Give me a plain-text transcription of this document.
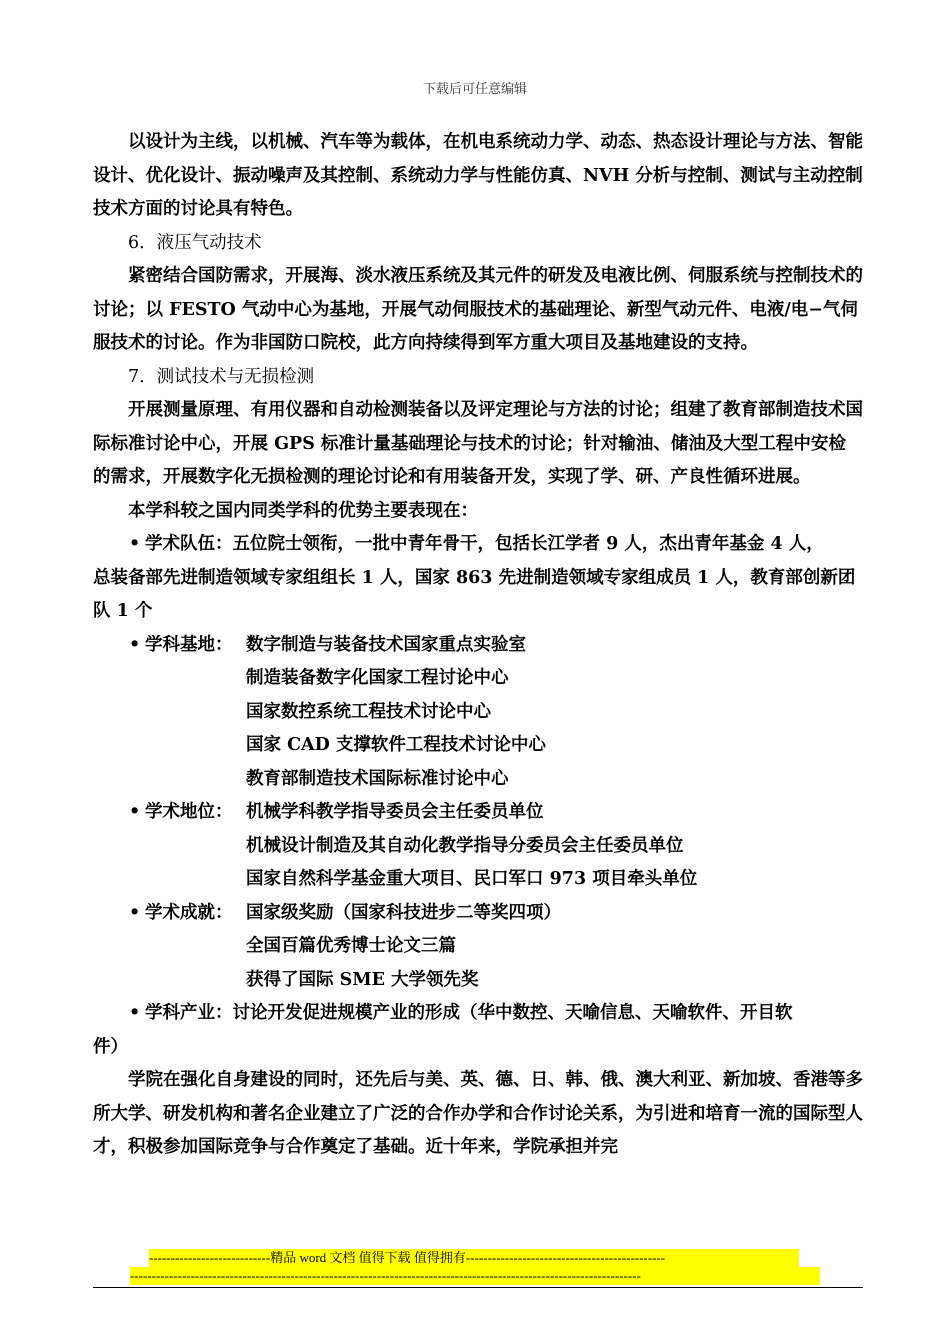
下载后可任意编辑

以设计为主线，以机械、汽车等为载体，在机电系统动力学、动态、热态设计理论与方法、智能设计、优化设计、振动噪声及其控制、系统动力学与性能仿真、NVH 分析与控制、测试与主动控制技术方面的讨论具有特色。

6．液压气动技术

紧密结合国防需求，开展海、淡水液压系统及其元件的研发及电液比例、伺服系统与控制技术的讨论；以 FESTO 气动中心为基地，开展气动伺服技术的基础理论、新型气动元件、电液/电−气伺服技术的讨论。作为非国防口院校，此方向持续得到军方重大项目及基地建设的支持。

7．测试技术与无损检测

开展测量原理、有用仪器和自动检测装备以及评定理论与方法的讨论；组建了教育部制造技术国际标准讨论中心，开展 GPS 标准计量基础理论与技术的讨论；针对输油、储油及大型工程中安检的需求，开展数字化无损检测的理论讨论和有用装备开发，实现了学、研、产良性循环进展。

本学科较之国内同类学科的优势主要表现在：

• 学术队伍：五位院士领衔，一批中青年骨干，包括长江学者 9 人，杰出青年基金 4 人，
总装备部先进制造领域专家组组长 1 人，国家 863 先进制造领域专家组成员 1 人，教育部创新团队 1 个
• 学科基地： 数字制造与装备技术国家重点实验室
制造装备数字化国家工程讨论中心
国家数控系统工程技术讨论中心
国家 CAD 支撑软件工程技术讨论中心
教育部制造技术国际标准讨论中心
• 学术地位： 机械学科教学指导委员会主任委员单位
机械设计制造及其自动化教学指导分委员会主任委员单位
国家自然科学基金重大项目、民口军口 973 项目牵头单位
• 学术成就： 国家级奖励（国家科技进步二等奖四项）
全国百篇优秀博士论文三篇
获得了国际 SME 大学领先奖
• 学科产业：讨论开发促进规模产业的形成（华中数控、天喻信息、天喻软件、开目软
件）

学院在强化自身建设的同时，还先后与美、英、德、日、韩、俄、澳大利亚、新加坡、香港等多所大学、研发机构和著名企业建立了广泛的合作办学和合作讨论关系，为引进和培育一流的国际型人才，积极参加国际竞争与合作奠定了基础。近十年来，学院承担并完

----------------------------精品 word 文档 值得下载 值得拥有----------------------------------------------
----------------------------------------------------------------------------------------------------------------------
